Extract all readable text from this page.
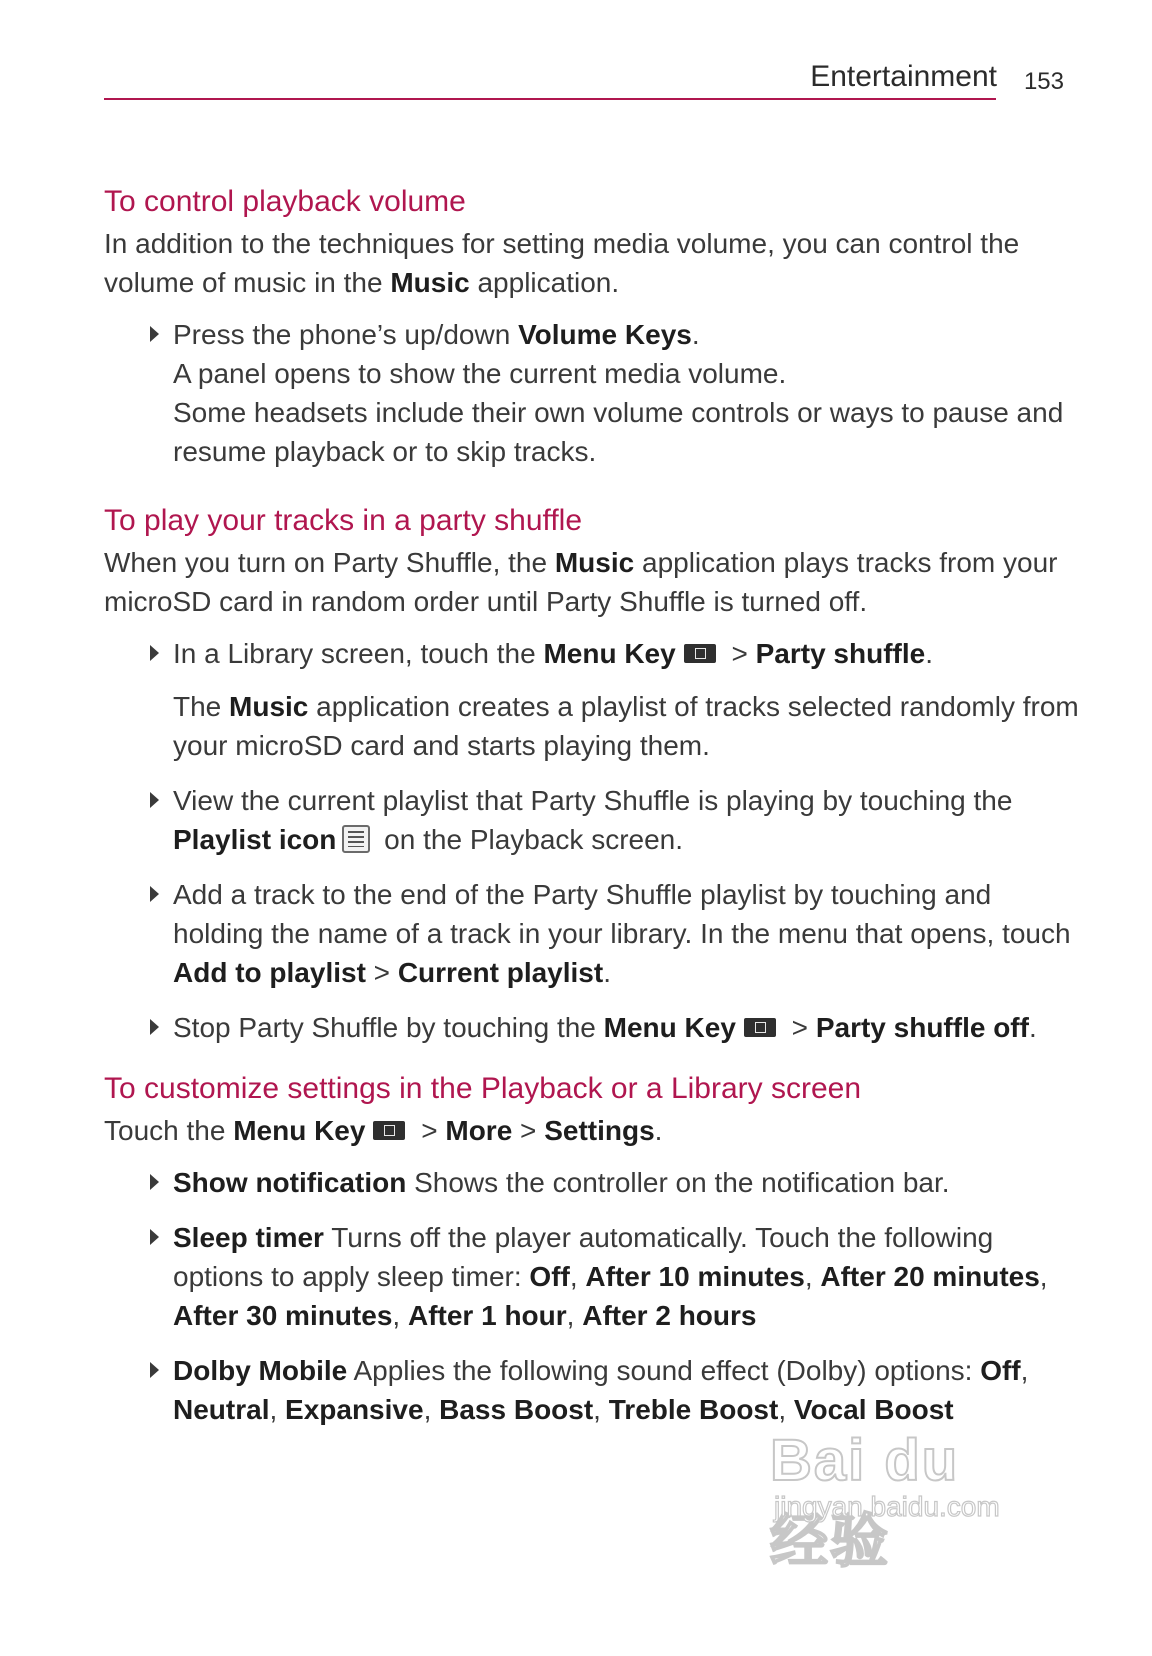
Entertainment 153
To control playback volume

In addition to the techniques for setting media volume, you can control the volume of music in the Music application.

Press the phone’s up/down Volume Keys.
A panel opens to show the current media volume.
Some headsets include their own volume controls or ways to pause and resume playback or to skip tracks.
To play your tracks in a party shuffle

When you turn on Party Shuffle, the Music application plays tracks from your microSD card in random order until Party Shuffle is turned off.

In a Library screen, touch the Menu Key > Party shuffle.

The Music application creates a playlist of tracks selected randomly from your microSD card and starts playing them.

View the current playlist that Party Shuffle is playing by touching the Playlist icon on the Playback screen.
Add a track to the end of the Party Shuffle playlist by touching and holding the name of a track in your library. In the menu that opens, touch Add to playlist > Current playlist.
Stop Party Shuffle by touching the Menu Key > Party shuffle off.
To customize settings in the Playback or a Library screen

Touch the Menu Key > More > Settings.

Show notification Shows the controller on the notification bar.
Sleep timer Turns off the player automatically. Touch the following options to apply sleep timer: Off, After 10 minutes, After 20 minutes, After 30 minutes, After 1 hour, After 2 hours
Dolby Mobile Applies the following sound effect (Dolby) options: Off, Neutral, Expansive, Bass Boost, Treble Boost, Vocal Boost
Bai du 经验
jingyan.baidu.com
